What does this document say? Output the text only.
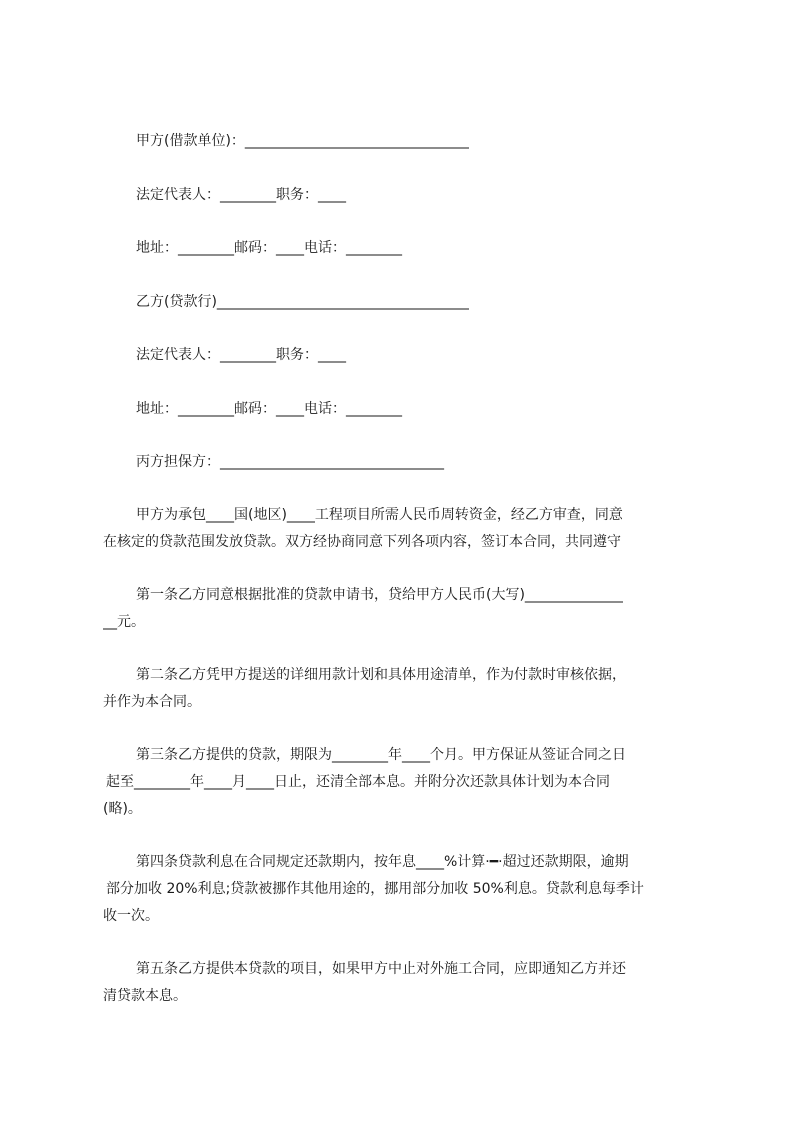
甲方(借款单位)：________________________________
法定代表人：________职务：____
地址：________邮码：____电话：________
乙方(贷款行)____________________________________
法定代表人：________职务：____
地址：________邮码：____电话：________
丙方担保方：________________________________
甲方为承包____国(地区)____工程项目所需人民币周转资金，经乙方审查，同意
在核定的贷款范围发放贷款。双方经协商同意下列各项内容，签订本合同，共同遵守
第一条乙方同意根据批准的贷款申请书，贷给甲方人民币(大写)______________
__元。
第二条乙方凭甲方提送的详细用款计划和具体用途清单，作为付款时审核依据，
并作为本合同。
第三条乙方提供的贷款，期限为________年____个月。甲方保证从签证合同之日
起至________年____月____日止，还清全部本息。并附分次还款具体计划为本合同
(略)。
第四条贷款利息在合同规定还款期内，按年息____%计算·━·超过还款期限，逾期
部分加收 20%利息;贷款被挪作其他用途的，挪用部分加收 50%利息。贷款利息每季计
收一次。
第五条乙方提供本贷款的项目，如果甲方中止对外施工合同，应即通知乙方并还
清贷款本息。
